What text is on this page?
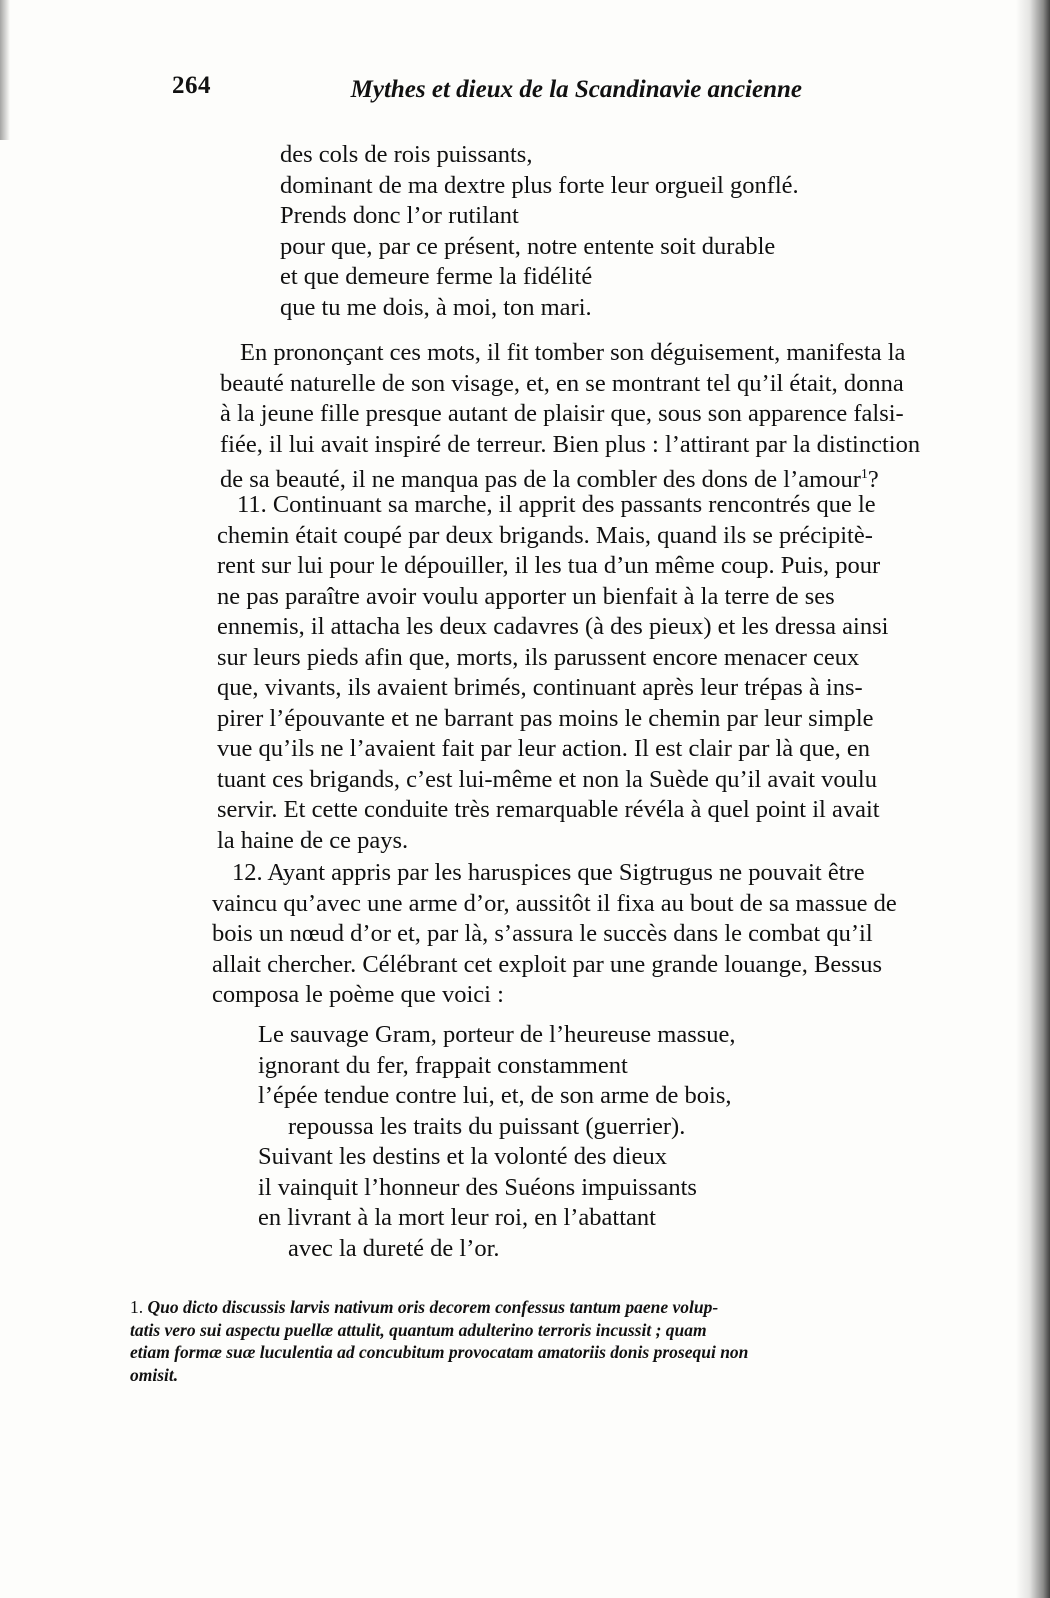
264	Mythes et dieux de la Scandinavie ancienne
des cols de rois puissants,
dominant de ma dextre plus forte leur orgueil gonflé.
Prends donc l’or rutilant
pour que, par ce présent, notre entente soit durable
et que demeure ferme la fidélité
que tu me dois, à moi, ton mari.
En prononçant ces mots, il fit tomber son déguisement, manifesta la
beauté naturelle de son visage, et, en se montrant tel qu’il était, donna
à la jeune fille presque autant de plaisir que, sous son apparence falsi-
fiée, il lui avait inspiré de terreur. Bien plus : l’attirant par la distinction
de sa beauté, il ne manqua pas de la combler des dons de l’amour$^1$?
11. Continuant sa marche, il apprit des passants rencontrés que le
chemin était coupé par deux brigands. Mais, quand ils se précipitè-
rent sur lui pour le dépouiller, il les tua d’un même coup. Puis, pour
ne pas paraître avoir voulu apporter un bienfait à la terre de ses
ennemis, il attacha les deux cadavres (à des pieux) et les dressa ainsi
sur leurs pieds afin que, morts, ils parussent encore menacer ceux
que, vivants, ils avaient brimés, continuant après leur trépas à ins-
pirer l’épouvante et ne barrant pas moins le chemin par leur simple
vue qu’ils ne l’avaient fait par leur action. Il est clair par là que, en
tuant ces brigands, c’est lui-même et non la Suède qu’il avait voulu
servir. Et cette conduite très remarquable révéla à quel point il avait
la haine de ce pays.
12. Ayant appris par les haruspices que Sigtrugus ne pouvait être
vaincu qu’avec une arme d’or, aussitôt il fixa au bout de sa massue de
bois un nœud d’or et, par là, s’assura le succès dans le combat qu’il
allait chercher. Célébrant cet exploit par une grande louange, Bessus
composa le poème que voici :
Le sauvage Gram, porteur de l’heureuse massue,
ignorant du fer, frappait constamment
l’épée tendue contre lui, et, de son arme de bois,
repoussa les traits du puissant (guerrier).
Suivant les destins et la volonté des dieux
il vainquit l’honneur des Suéons impuissants
en livrant à la mort leur roi, en l’abattant
avec la dureté de l’or.
1. Quo dicto discussis larvis nativum oris decorem confessus tantum paene volup-
tatis vero sui aspectu puellæ attulit, quantum adulterino terroris incussit ; quam
etiam formæ suæ luculentia ad concubitum provocatam amatoriis donis prosequi non
omisit.
